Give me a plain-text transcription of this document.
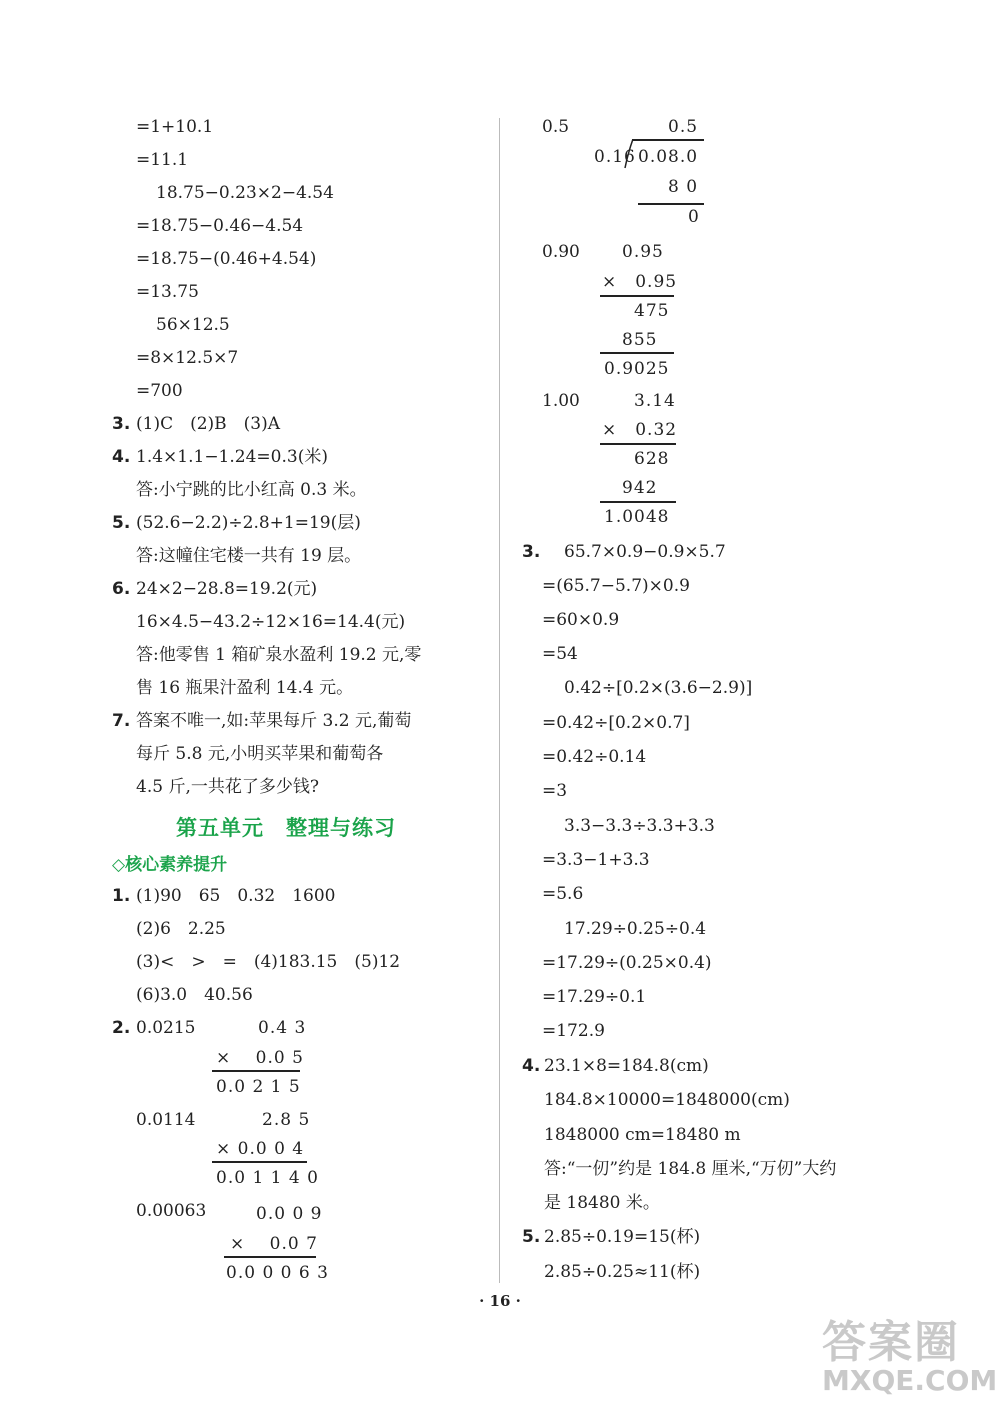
=1+10.1
=11.1
18.75−0.23×2−4.54
=18.75−0.46−4.54
=18.75−(0.46+4.54)
=13.75
56×12.5
=8×12.5×7
=700
3. (1)C　(2)B　(3)A
4. 1.4×1.1−1.24=0.3(米)
答:小宁跳的比小红高 0.3 米。
5. (52.6−2.2)÷2.8+1=19(层)
答:这幢住宅楼一共有 19 层。
6. 24×2−28.8=19.2(元)
16×4.5−43.2÷12×16=14.4(元)
答:他零售 1 箱矿泉水盈利 19.2 元,零
售 16 瓶果汁盈利 14.4 元。
7. 答案不唯一,如:苹果每斤 3.2 元,葡萄
每斤 5.8 元,小明买苹果和葡萄各
4.5 斤,一共花了多少钱?
第五单元　整理与练习
◇核心素养提升
1. (1)90　65　0.32　1600
(2)6　2.25
(3)<　>　=　(4)183.15　(5)12
(6)3.0　40.56
2. 0.0215	0.4 3
× 　0.0 5
0.0 2 1 5
0.0114	2.8 5
× 0.0 0 4
0.0 1 1 4 0
0.00063	0.0 0 9
× 　0.0 7
0.0 0 0 6 3
0.5	0.5
0.16 0.08.0
8 0
0
0.90 0.95
×　0.95
475
855
0.9025
1.00	3.14
×　0.32
628
942
1.0048
3. 65.7×0.9−0.9×5.7
=(65.7−5.7)×0.9
=60×0.9
=54
0.42÷[0.2×(3.6−2.9)]
=0.42÷[0.2×0.7]
=0.42÷0.14
=3
3.3−3.3÷3.3+3.3
=3.3−1+3.3
=5.6
17.29÷0.25÷0.4
=17.29÷(0.25×0.4)
=17.29÷0.1
=172.9
4. 23.1×8=184.8(cm)
184.8×10000=1848000(cm)
1848000 cm=18480 m
答:“一仞”约是 184.8 厘米,“万仞”大约
是 18480 米。
5. 2.85÷0.19=15(杯)
2.85÷0.25≈11(杯)
· 16 ·
答案圈
MXQE.COM
